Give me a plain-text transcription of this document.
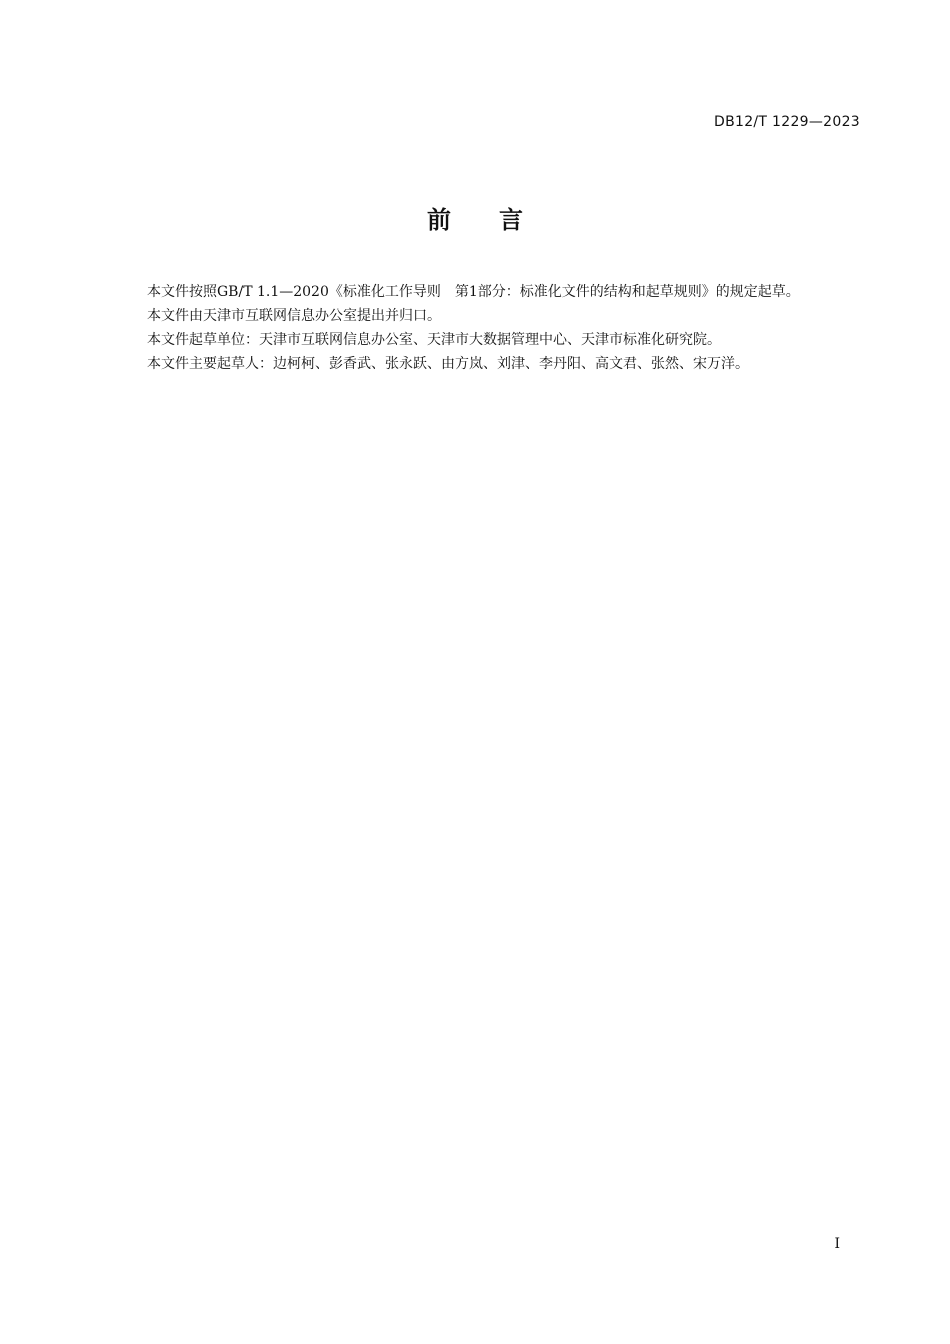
DB12/T 1229—2023
前言

本文件按照GB/T 1.1—2020《标准化工作导则　第1部分：标准化文件的结构和起草规则》的规定起草。

本文件由天津市互联网信息办公室提出并归口。

本文件起草单位：天津市互联网信息办公室、天津市大数据管理中心、天津市标准化研究院。

本文件主要起草人：边柯柯、彭香武、张永跃、由方岚、刘津、李丹阳、高文君、张然、宋万洋。

I
